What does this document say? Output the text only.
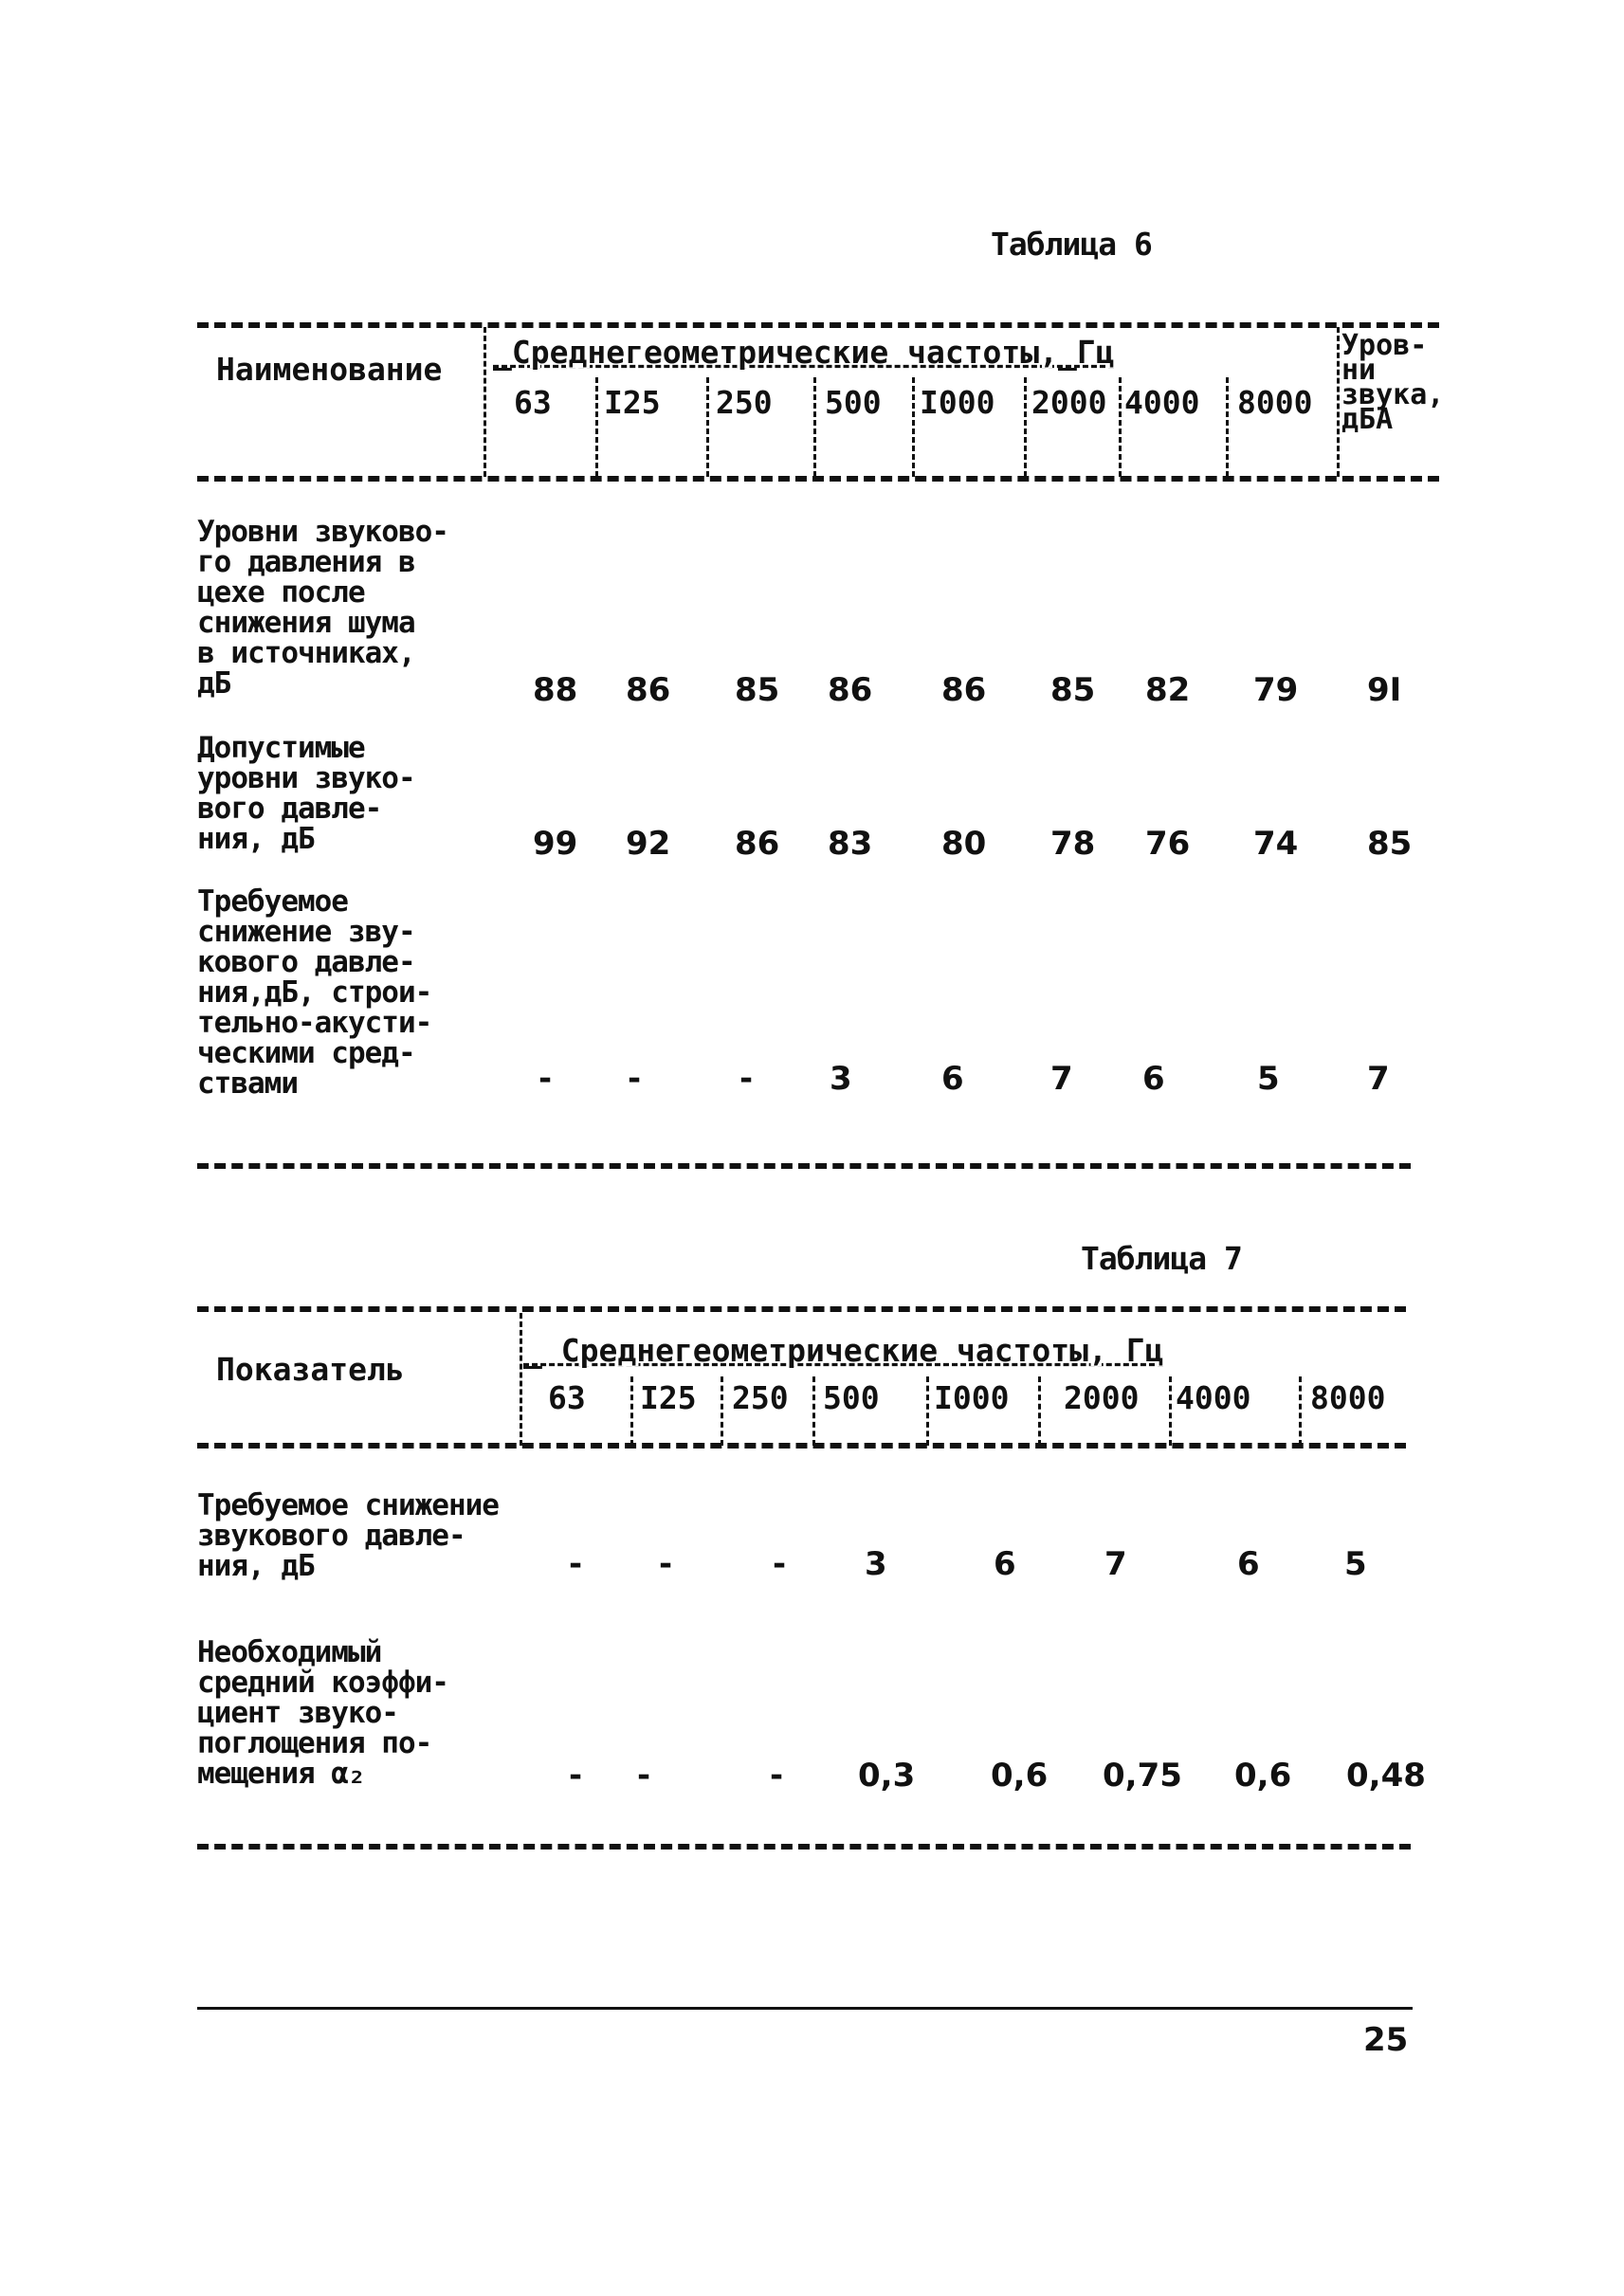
Таблица 6
Наименование _Среднегеометрические частоты,_Гц	Уров-
ни
звука,
дБА
63 I25 250 500 I000 2000 4000 8000
Уровни звуково-
го давления в
цехе после
снижения шума
в источниках,
дБ	88 86 85 86 86 85 82 79 9I
Допустимые
уровни звуко-
вого давле-
ния, дБ	99 92 86 83 80 78 76 74 85
Требуемое
снижение зву-
кового давле-
ния,дБ, строи-
тельно-акусти-
ческими сред-
ствами	- -	- 3	6	7 6	5	7
Таблица 7
Показатель
_ Среднегеометрические частоты, Гц
63 I25 250 500 I000 2000 4000 8000
Требуемое снижение
звукового давле-
ния, дБ	- -	- 3	6	7	6	5
Необходимый
средний коэффи-
циент звуко-
поглощения по-
мещения α₂	- -	- 0,3 0,6 0,75 0,6 0,48
25
